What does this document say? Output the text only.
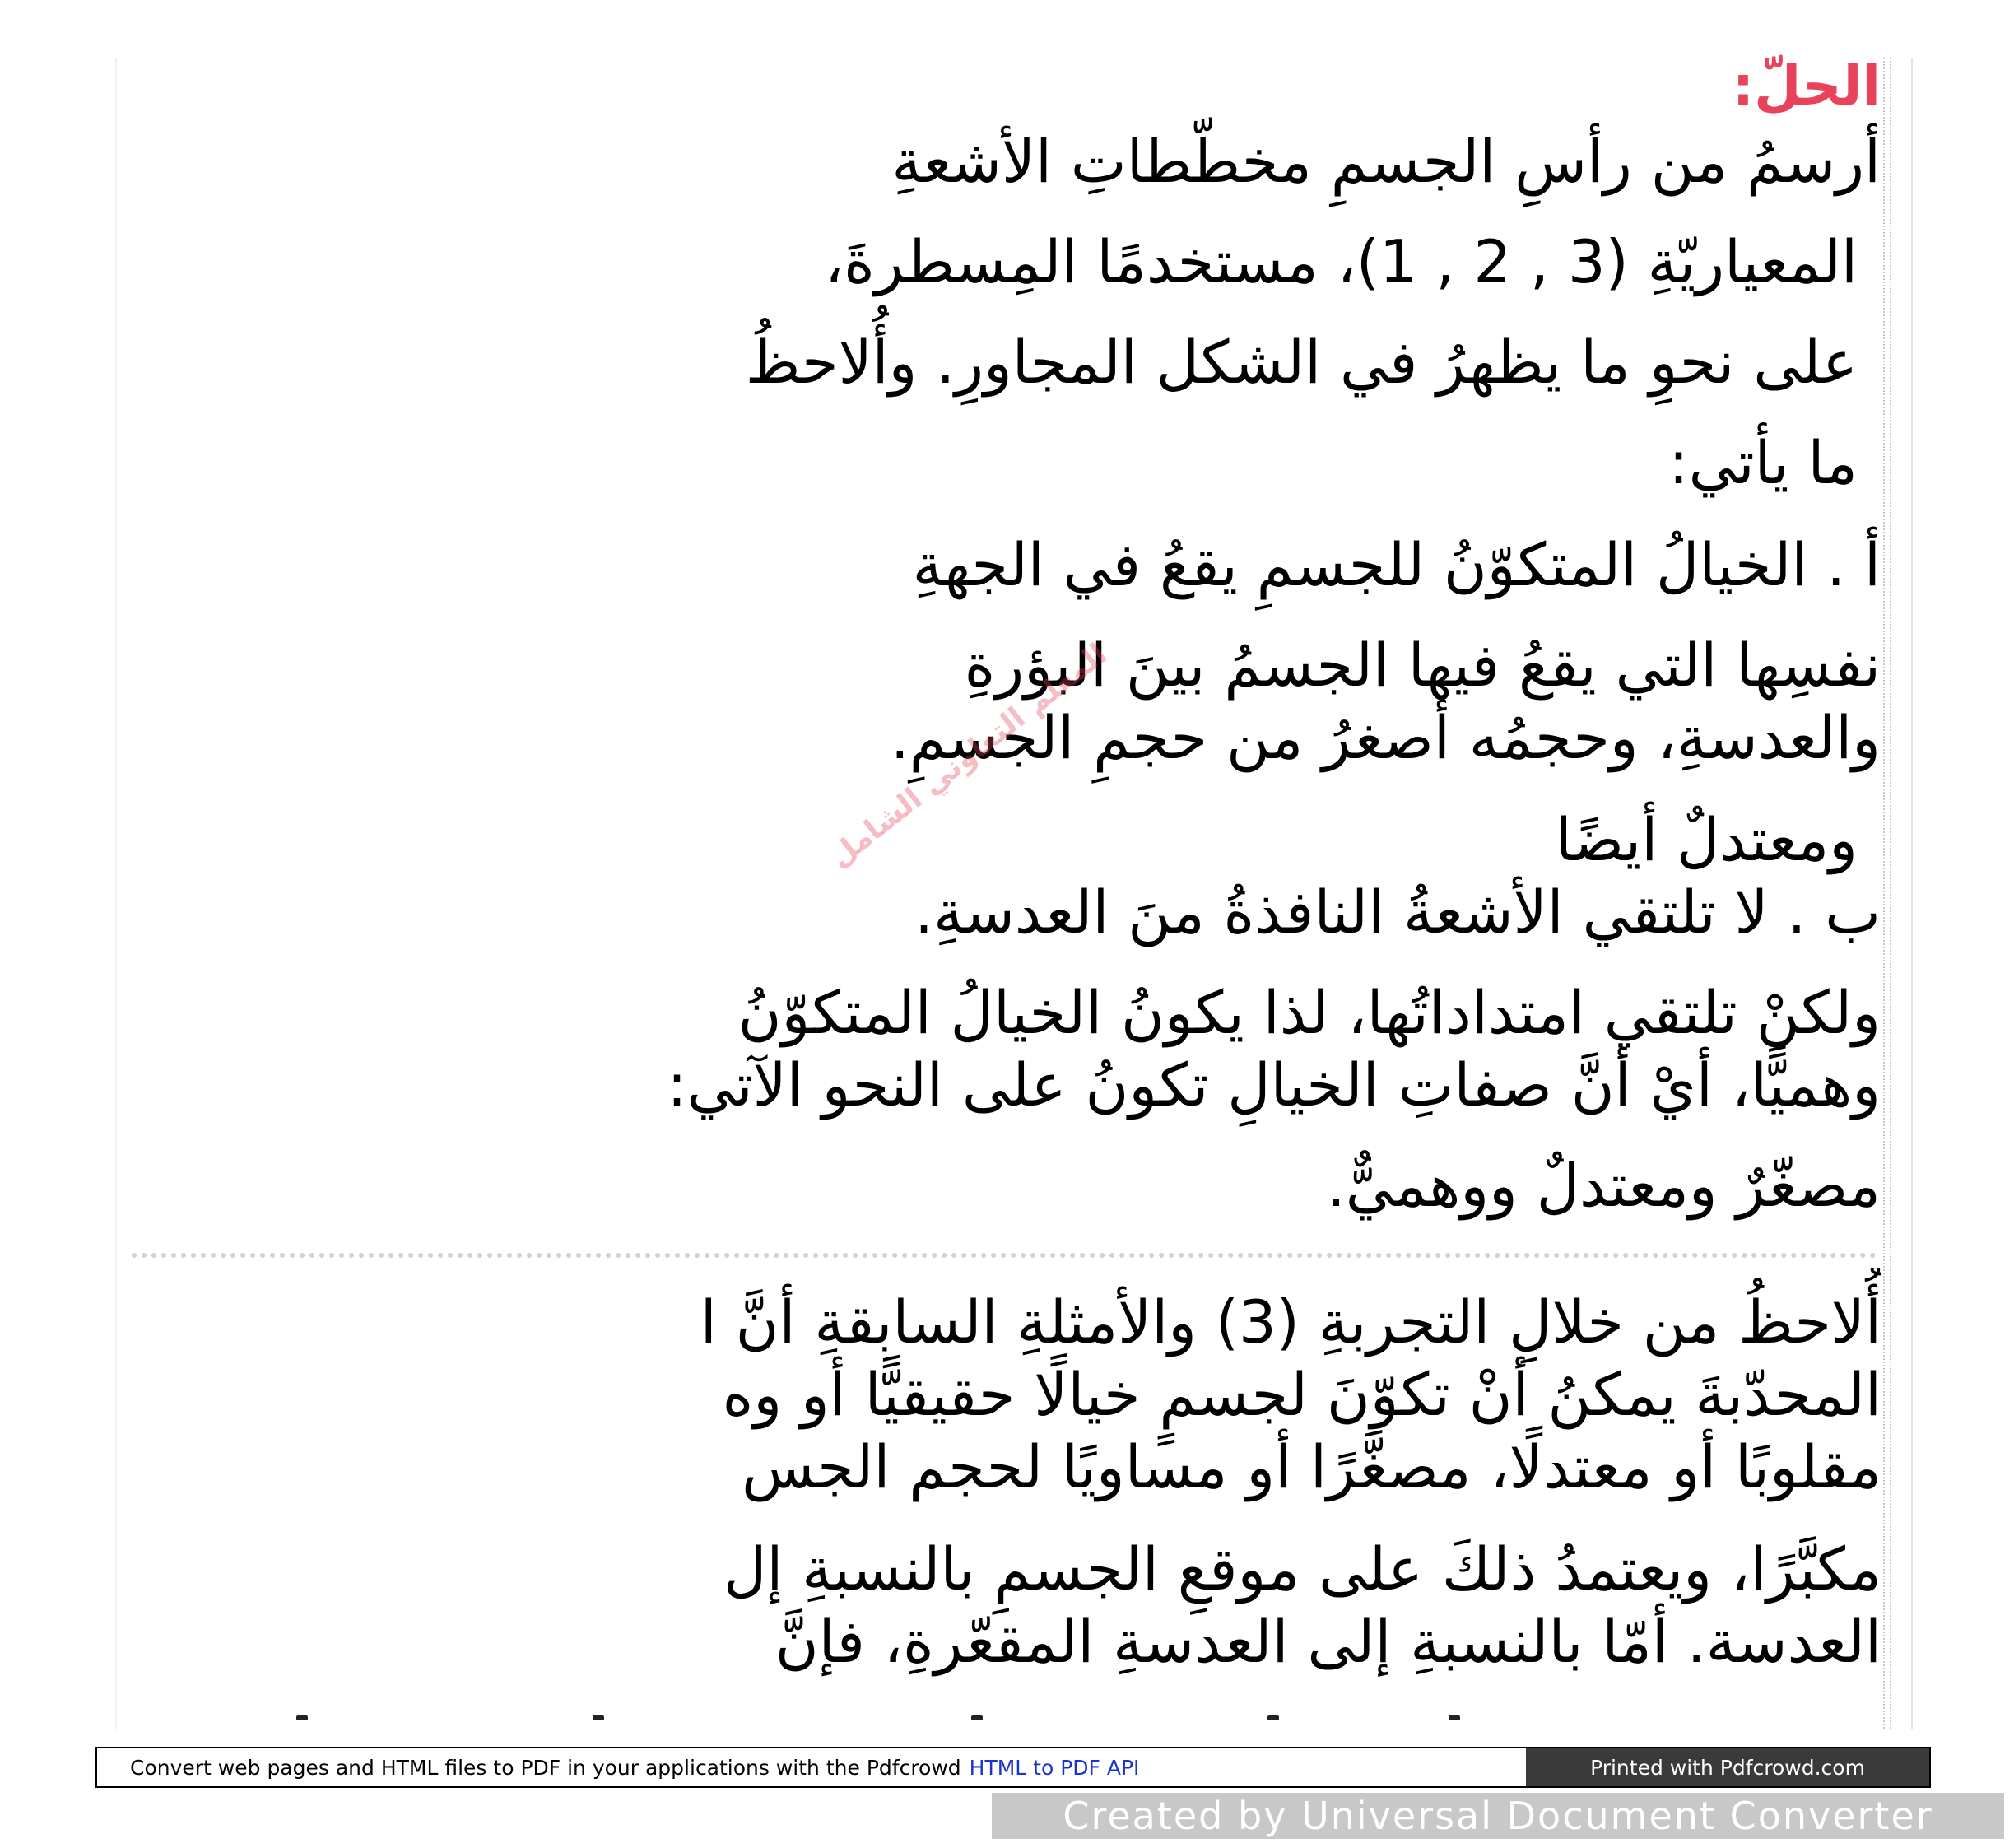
الحلّ:
أرسمُ من رأسِ الجسمِ مخطّطاتِ الأشعةِ
المعياريّةِ (3 , 2 , 1)، مستخدمًا المِسطرةَ،
على نحوِ ما يظهرُ في الشكل المجاورِ. وأُلاحظُ
ما يأتي:
أ . الخيالُ المتكوّنُ للجسمِ يقعُ في الجهةِ
نفسِها التي يقعُ فيها الجسمُ بينَ البؤرةِ
والعدسةِ، وحجمُه أصغرُ من حجمِ الجسمِ.
ومعتدلٌ أيضًا
ب . لا تلتقي الأشعةُ النافذةُ منَ العدسةِ.
ولكنْ تلتقي امتداداتُها، لذا يكونُ الخيالُ المتكوّنُ
وهميًّا، أيْ أنَّ صفاتِ الخيالِ تكونُ على النحو الآتي:
مصغّرٌ ومعتدلٌ ووهميٌّ.
المعلم التعاوني الشامل
أُلاحظُ من خلالِ التجربةِ (3) والأمثلةِ السابقةِ أنَّ ا
المحدّبةَ يمكنُ أنْ تكوّنَ لجسمٍ خيالًا حقيقيًّا أو وه
مقلوبًا أو معتدلًا، مصغَّرًا أو مساويًا لحجم الجس
مكبَّرًا، ويعتمدُ ذلكَ على موقعِ الجسمِ بالنسبةِ إل
العدسة. أمّا بالنسبةِ إلى العدسةِ المقعّرةِ، فإنَّ
Convert web pages and HTML files to PDF in your applications with the Pdfcrowd HTML to PDF API	Printed with Pdfcrowd.com
Created by Universal Document Converter
